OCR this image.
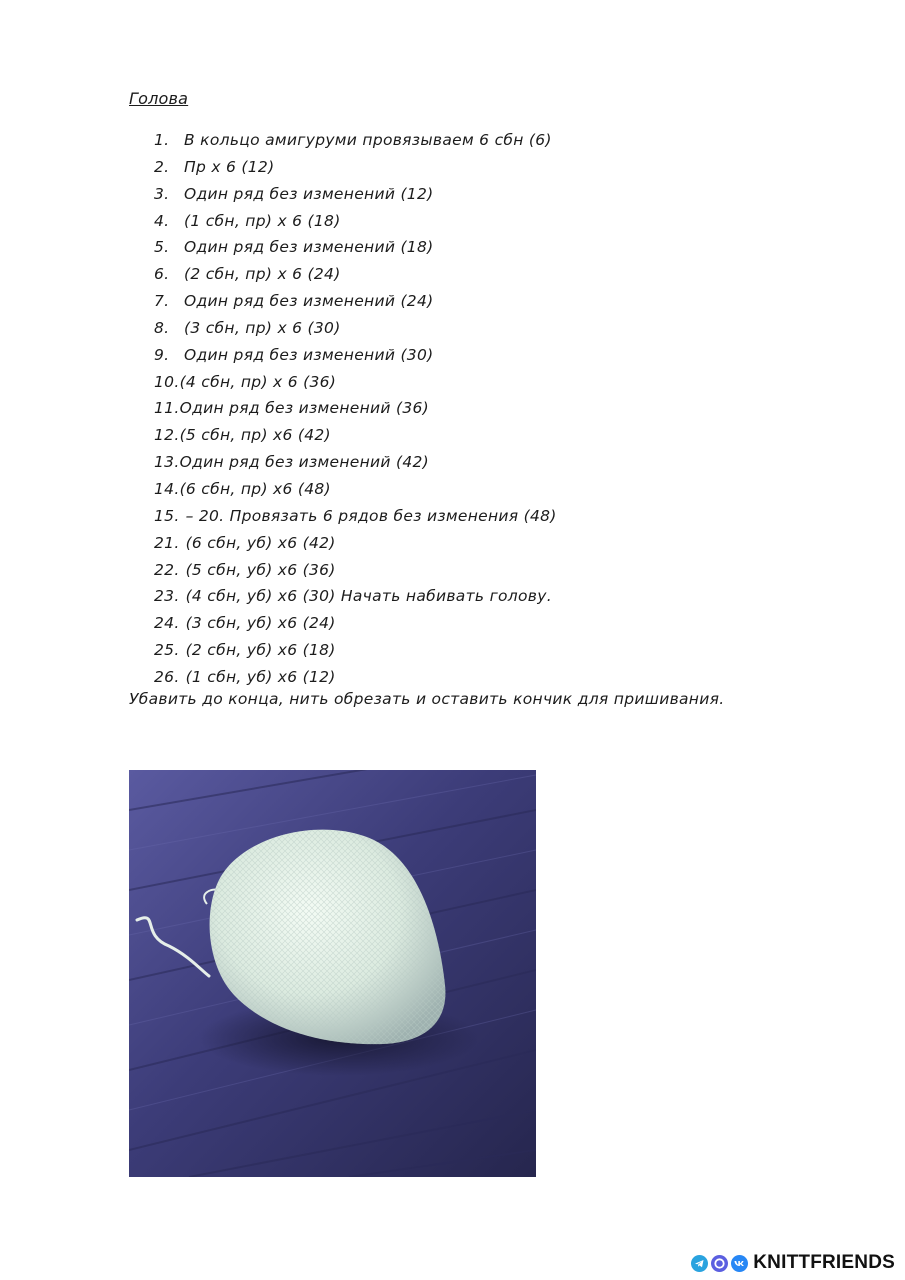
Голова
1. В кольцо амигуруми провязываем 6 сбн (6)
2. Пр х 6 (12)
3. Один ряд без изменений (12)
4. (1 сбн, пр) х 6 (18)
5. Один ряд без изменений (18)
6. (2 сбн, пр) х 6 (24)
7. Один ряд без изменений (24)
8. (3 сбн, пр) х 6 (30)
9. Один ряд без изменений (30)
10.(4 сбн, пр) х 6 (36)
11.Один ряд без изменений (36)
12.(5 сбн, пр) х6 (42)
13.Один ряд без изменений (42)
14.(6 сбн, пр) х6 (48)
15. – 20. Провязать 6 рядов без изменения (48)
21. (6 сбн, уб) х6 (42)
22. (5 сбн, уб) х6 (36)
23. (4 сбн, уб) х6 (30) Начать набивать голову.
24. (3 сбн, уб) х6 (24)
25. (2 сбн, уб) х6 (18)
26. (1 сбн, уб) х6 (12)
Убавить до конца, нить обрезать и оставить кончик для пришивания.
KNITTFRIENDS
